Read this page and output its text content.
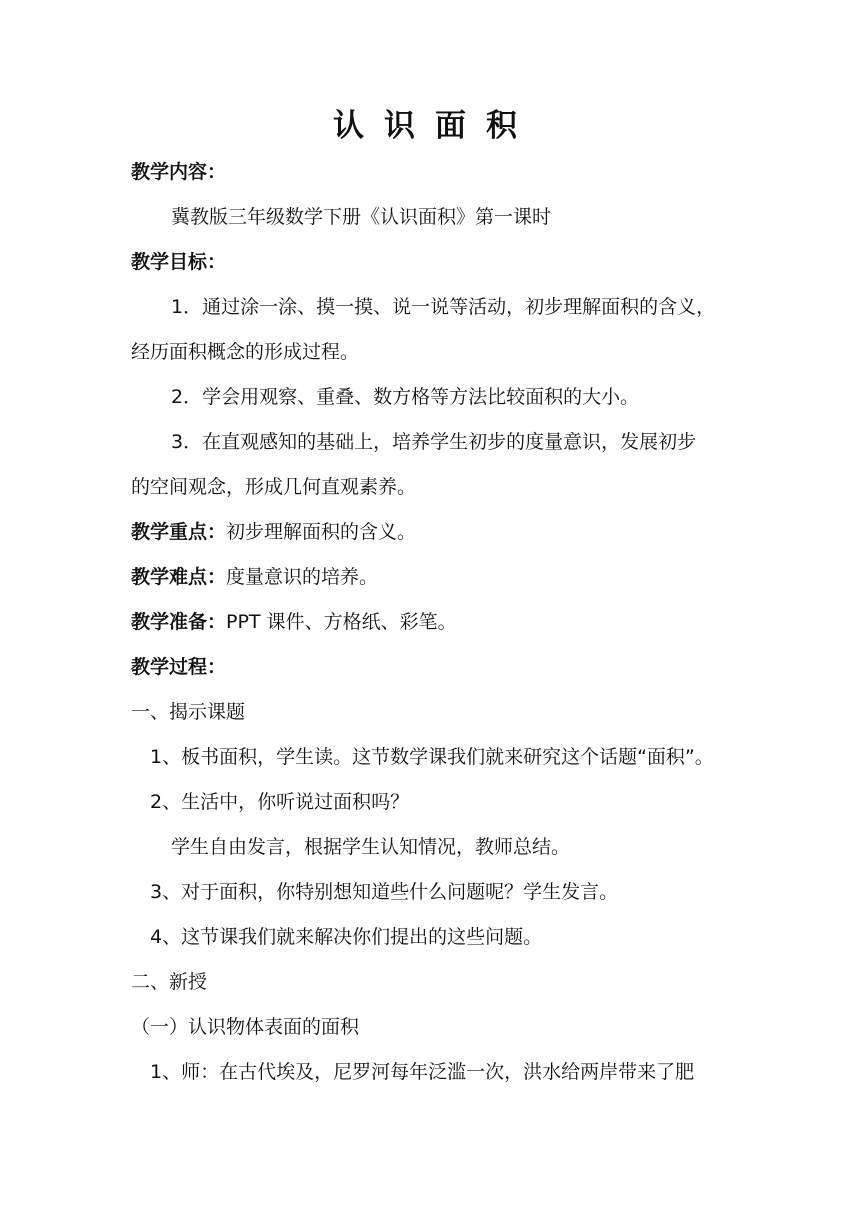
认识面积
教学内容：
冀教版三年级数学下册《认识面积》第一课时
教学目标：
1．通过涂一涂、摸一摸、说一说等活动，初步理解面积的含义，
经历面积概念的形成过程。
2．学会用观察、重叠、数方格等方法比较面积的大小。
3．在直观感知的基础上，培养学生初步的度量意识，发展初步
的空间观念，形成几何直观素养。
教学重点：初步理解面积的含义。
教学难点：度量意识的培养。
教学准备：PPT 课件、方格纸、彩笔。
教学过程：
一、揭示课题
1、板书面积，学生读。这节数学课我们就来研究这个话题“面积”。
2、生活中，你听说过面积吗？
学生自由发言，根据学生认知情况，教师总结。
3、对于面积，你特别想知道些什么问题呢？学生发言。
4、这节课我们就来解决你们提出的这些问题。
二、新授
（一）认识物体表面的面积
1、师：在古代埃及，尼罗河每年泛滥一次，洪水给两岸带来了肥
